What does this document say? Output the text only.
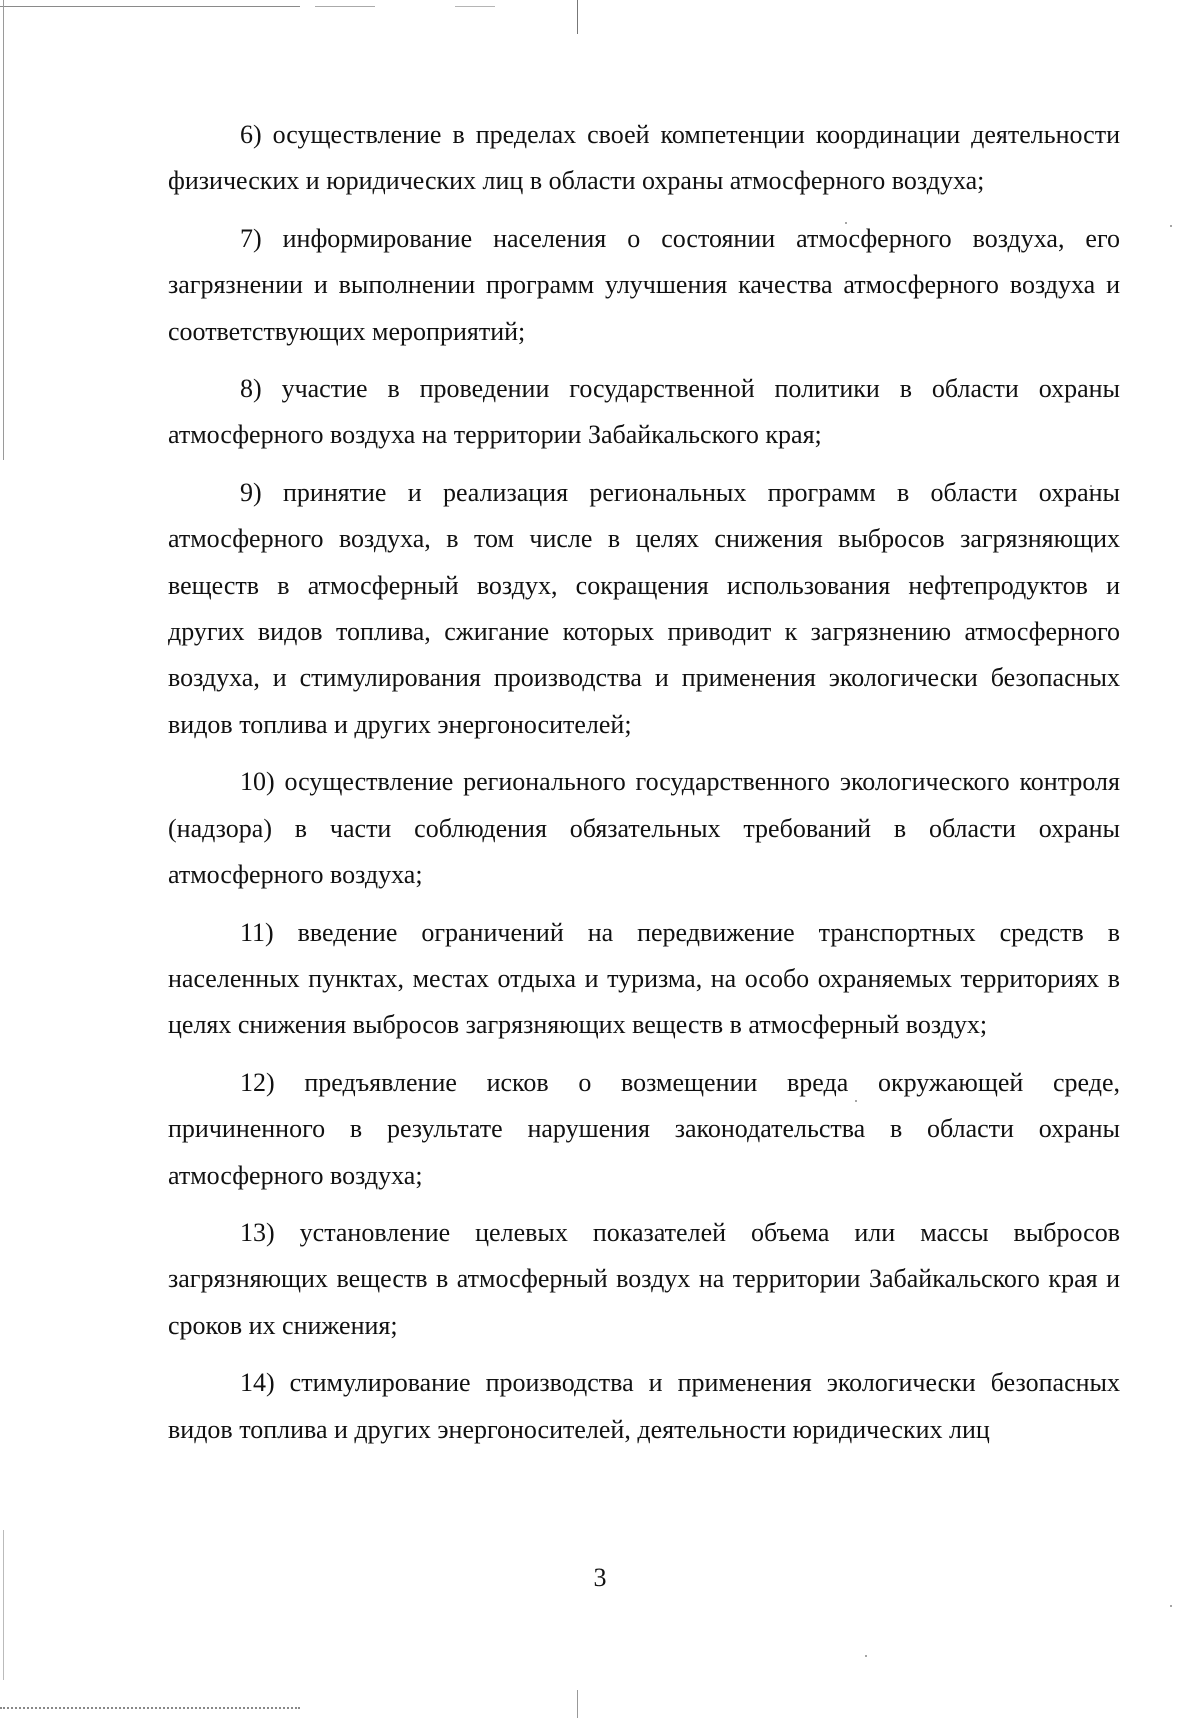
6) осуществление в пределах своей компетенции координации деятельности физических и юридических лиц в области охраны атмосферного воздуха;

7) информирование населения о состоянии атмосферного воздуха, его загрязнении и выполнении программ улучшения качества атмосферного воздуха и соответствующих мероприятий;

8) участие в проведении государственной политики в области охраны атмосферного воздуха на территории Забайкальского края;

9) принятие и реализация региональных программ в области охраны атмосферного воздуха, в том числе в целях снижения выбросов загрязняющих веществ в атмосферный воздух, сокращения использования нефтепродуктов и других видов топлива, сжигание которых приводит к загрязнению атмосферного воздуха, и стимулирования производства и применения экологически безопасных видов топлива и других энергоносителей;

10) осуществление регионального государственного экологического контроля (надзора) в части соблюдения обязательных требований в области охраны атмосферного воздуха;

11) введение ограничений на передвижение транспортных средств в населенных пунктах, местах отдыха и туризма, на особо охраняемых территориях в целях снижения выбросов загрязняющих веществ в атмосферный воздух;

12) предъявление исков о возмещении вреда окружающей среде, причиненного в результате нарушения законодательства в области охраны атмосферного воздуха;

13) установление целевых показателей объема или массы выбросов загрязняющих веществ в атмосферный воздух на территории Забайкальского края и сроков их снижения;

14) стимулирование производства и применения экологически безопасных видов топлива и других энергоносителей, деятельности юридических лиц

3
